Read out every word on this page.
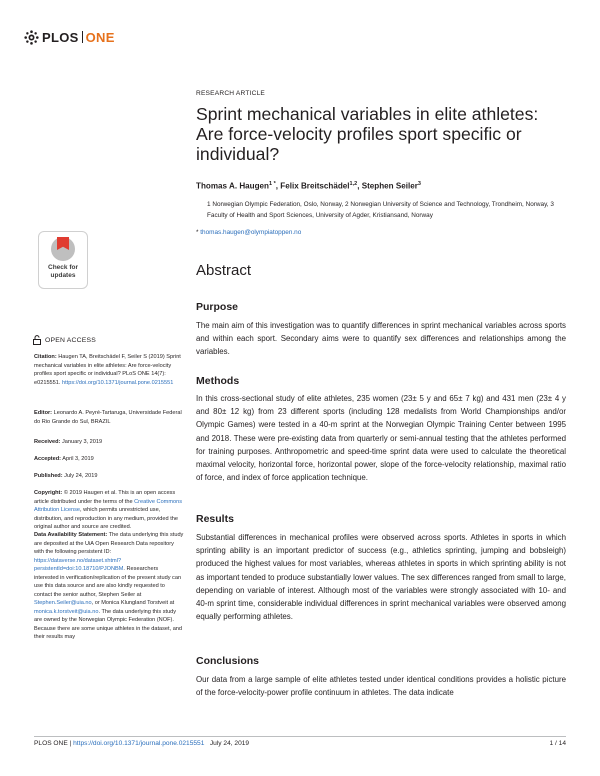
PLOS ONE
RESEARCH ARTICLE
Sprint mechanical variables in elite athletes: Are force-velocity profiles sport specific or individual?
Thomas A. Haugen$^{1 *}$, Felix Breitschädel$^{1,2}$, Stephen Seiler$^3$
1 Norwegian Olympic Federation, Oslo, Norway, 2 Norwegian University of Science and Technology, Trondheim, Norway, 3 Faculty of Health and Sport Sciences, University of Agder, Kristiansand, Norway
* thomas.haugen@olympiatoppen.no
Abstract
Purpose
The main aim of this investigation was to quantify differences in sprint mechanical variables across sports and within each sport. Secondary aims were to quantify sex differences and relationships among the variables.
Methods
In this cross-sectional study of elite athletes, 235 women (23± 5 y and 65± 7 kg) and 431 men (23± 4 y and 80± 12 kg) from 23 different sports (including 128 medalists from World Championships and/or Olympic Games) were tested in a 40-m sprint at the Norwegian Olympic Training Center between 1995 and 2018. These were pre-existing data from quarterly or semi-annual testing that the athletes performed for training purposes. Anthropometric and speed-time sprint data were used to calculate the theoretical maximal velocity, horizontal force, horizontal power, slope of the force-velocity relationship, maximal ratio of force, and index of force application technique.
Results
Substantial differences in mechanical profiles were observed across sports. Athletes in sports in which sprinting ability is an important predictor of success (e.g., athletics sprinting, jumping and bobsleigh) produced the highest values for most variables, whereas athletes in sports in which sprinting ability is not as important tended to produce substantially lower values. The sex differences ranged from small to large, depending on variable of interest. Although most of the variables were strongly associated with 10- and 40-m sprint time, considerable individual differences in sprint mechanical variables were observed among equally performing athletes.
Conclusions
Our data from a large sample of elite athletes tested under identical conditions provides a holistic picture of the force-velocity-power profile continuum in athletes. The data indicate
Check for updates
OPEN ACCESS
Citation: Haugen TA, Breitschädel F, Seiler S (2019) Sprint mechanical variables in elite athletes: Are force-velocity profiles sport specific or individual? PLoS ONE 14(7): e0215551. https://doi.org/10.1371/journal.pone.0215551
Editor: Leonardo A. Peyré-Tartaruga, Universidade Federal do Rio Grande do Sul, BRAZIL
Received: January 3, 2019
Accepted: April 3, 2019
Published: July 24, 2019
Copyright: © 2019 Haugen et al. This is an open access article distributed under the terms of the Creative Commons Attribution License, which permits unrestricted use, distribution, and reproduction in any medium, provided the original author and source are credited.
Data Availability Statement: The data underlying this study are deposited at the UiA Open Research Data repository with the following persistent ID: https://dataverse.no/dataset.xhtml?persistentId=doi:10.18710/PJONBM. Researchers interested in verification/replication of the present study can use this data source and are also kindly requested to contact the senior author, Stephen Seiler at Stephen.Seiler@uia.no, or Monica Klungland Torstveit at monica.k.torstveit@uia.no. The data underlying this study are owned by the Norwegian Olympic Federation (NOF). Because there are some unique athletes in the dataset, and their results may
PLOS ONE | https://doi.org/10.1371/journal.pone.0215551 July 24, 2019	1 / 14
